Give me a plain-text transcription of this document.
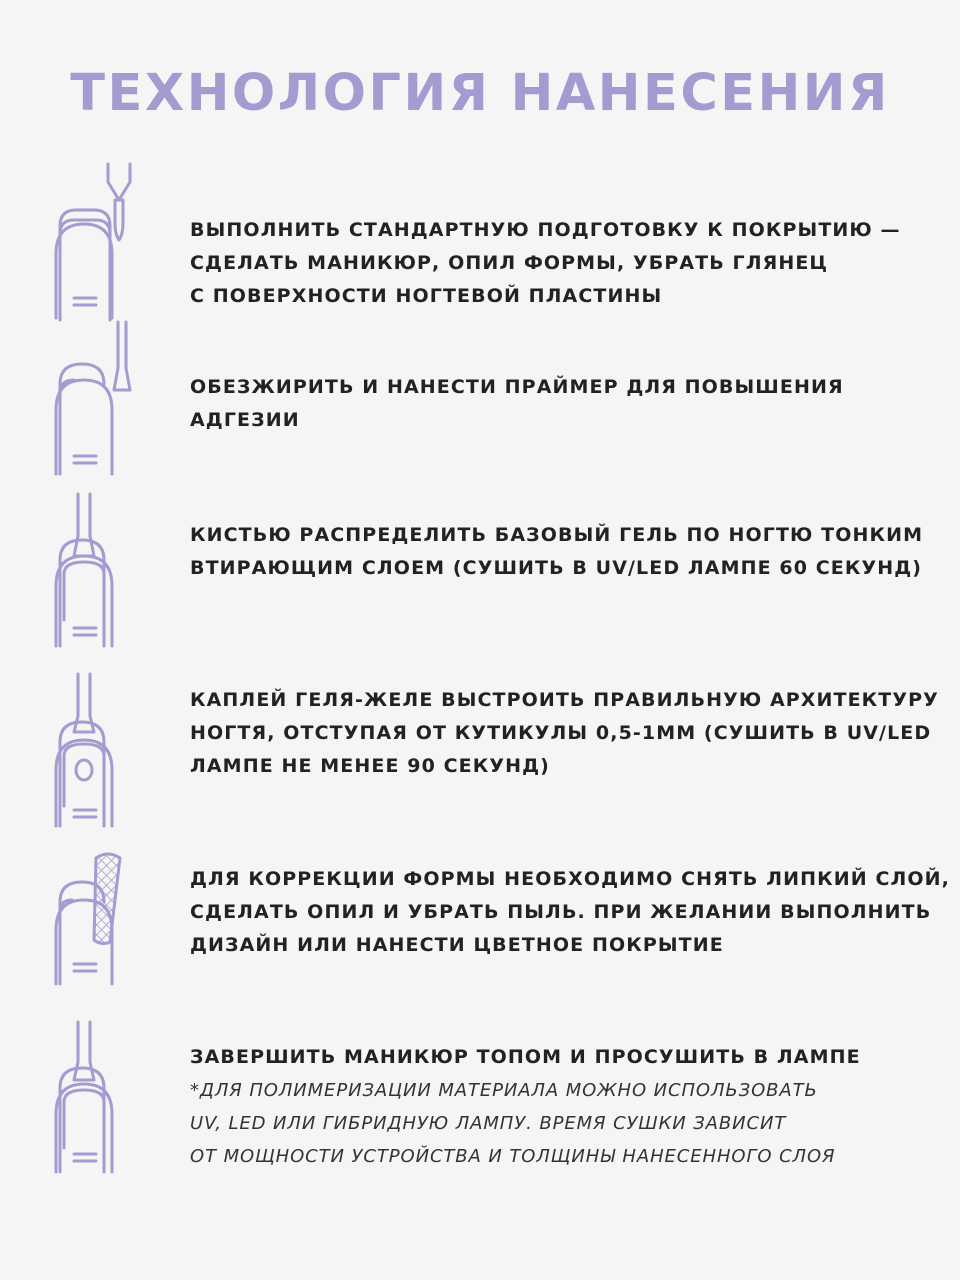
ТЕХНОЛОГИЯ НАНЕСЕНИЯ
ВЫПОЛНИТЬ СТАНДАРТНУЮ ПОДГОТОВКУ К ПОКРЫТИЮ —
СДЕЛАТЬ МАНИКЮР, ОПИЛ ФОРМЫ, УБРАТЬ ГЛЯНЕЦ
С ПОВЕРХНОСТИ НОГТЕВОЙ ПЛАСТИНЫ
ОБЕЗЖИРИТЬ И НАНЕСТИ ПРАЙМЕР ДЛЯ ПОВЫШЕНИЯ
АДГЕЗИИ
КИСТЬЮ РАСПРЕДЕЛИТЬ БАЗОВЫЙ ГЕЛЬ ПО НОГТЮ ТОНКИМ
ВТИРАЮЩИМ СЛОЕМ (СУШИТЬ В UV/LED ЛАМПЕ 60 СЕКУНД)
КАПЛЕЙ ГЕЛЯ-ЖЕЛЕ ВЫСТРОИТЬ ПРАВИЛЬНУЮ АРХИТЕКТУРУ
НОГТЯ, ОТСТУПАЯ ОТ КУТИКУЛЫ 0,5-1ММ (СУШИТЬ В UV/LED
ЛАМПЕ НЕ МЕНЕЕ 90 СЕКУНД)
ДЛЯ КОРРЕКЦИИ ФОРМЫ НЕОБХОДИМО СНЯТЬ ЛИПКИЙ СЛОЙ,
СДЕЛАТЬ ОПИЛ И УБРАТЬ ПЫЛЬ. ПРИ ЖЕЛАНИИ ВЫПОЛНИТЬ
ДИЗАЙН ИЛИ НАНЕСТИ ЦВЕТНОЕ ПОКРЫТИЕ
ЗАВЕРШИТЬ МАНИКЮР ТОПОМ И ПРОСУШИТЬ В ЛАМПЕ
*ДЛЯ ПОЛИМЕРИЗАЦИИ МАТЕРИАЛА МОЖНО ИСПОЛЬЗОВАТЬ
UV, LED ИЛИ ГИБРИДНУЮ ЛАМПУ. ВРЕМЯ СУШКИ ЗАВИСИТ
ОТ МОЩНОСТИ УСТРОЙСТВА И ТОЛЩИНЫ НАНЕСЕННОГО СЛОЯ
